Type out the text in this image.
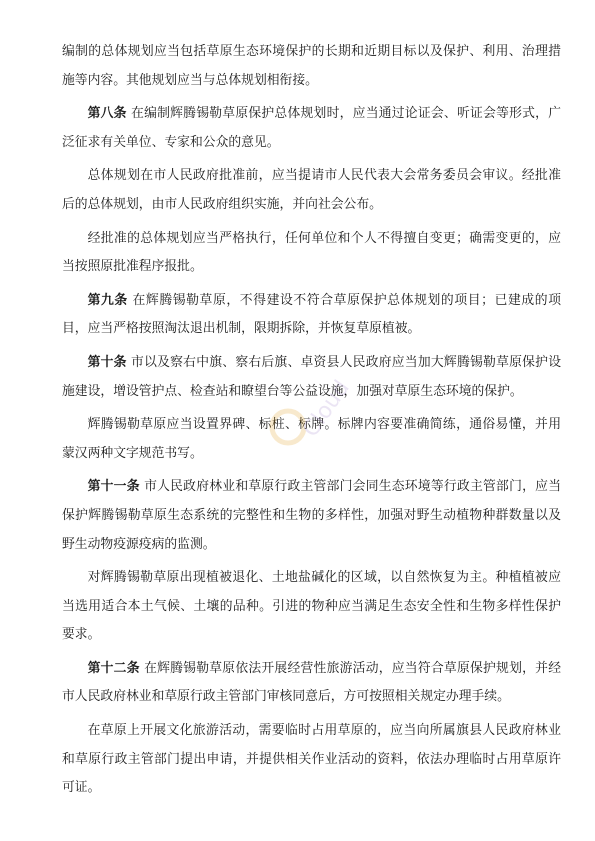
编制的总体规划应当包括草原生态环境保护的长期和近期目标以及保护、利用、治理措施等内容。其他规划应当与总体规划相衔接。

第八条 在编制辉腾锡勒草原保护总体规划时，应当通过论证会、听证会等形式，广泛征求有关单位、专家和公众的意见。

总体规划在市人民政府批准前，应当提请市人民代表大会常务委员会审议。经批准后的总体规划，由市人民政府组织实施，并向社会公布。

经批准的总体规划应当严格执行，任何单位和个人不得擅自变更；确需变更的，应当按照原批准程序报批。

第九条 在辉腾锡勒草原，不得建设不符合草原保护总体规划的项目；已建成的项目，应当严格按照淘汰退出机制，限期拆除，并恢复草原植被。

第十条 市以及察右中旗、察右后旗、卓资县人民政府应当加大辉腾锡勒草原保护设施建设，增设管护点、检查站和瞭望台等公益设施，加强对草原生态环境的保护。

辉腾锡勒草原应当设置界碑、标桩、标牌。标牌内容要准确简练，通俗易懂，并用蒙汉两种文字规范书写。

第十一条 市人民政府林业和草原行政主管部门会同生态环境等行政主管部门，应当保护辉腾锡勒草原生态系统的完整性和生物的多样性，加强对野生动植物种群数量以及野生动物疫源疫病的监测。

对辉腾锡勒草原出现植被退化、土地盐碱化的区域，以自然恢复为主。种植植被应当选用适合本土气候、土壤的品种。引进的物种应当满足生态安全性和生物多样性保护要求。

第十二条 在辉腾锡勒草原依法开展经营性旅游活动，应当符合草原保护规划，并经市人民政府林业和草原行政主管部门审核同意后，方可按照相关规定办理手续。

在草原上开展文化旅游活动，需要临时占用草原的，应当向所属旗县人民政府林业和草原行政主管部门提出申请，并提供相关作业活动的资料，依法办理临时占用草原许可证。

Cloud
